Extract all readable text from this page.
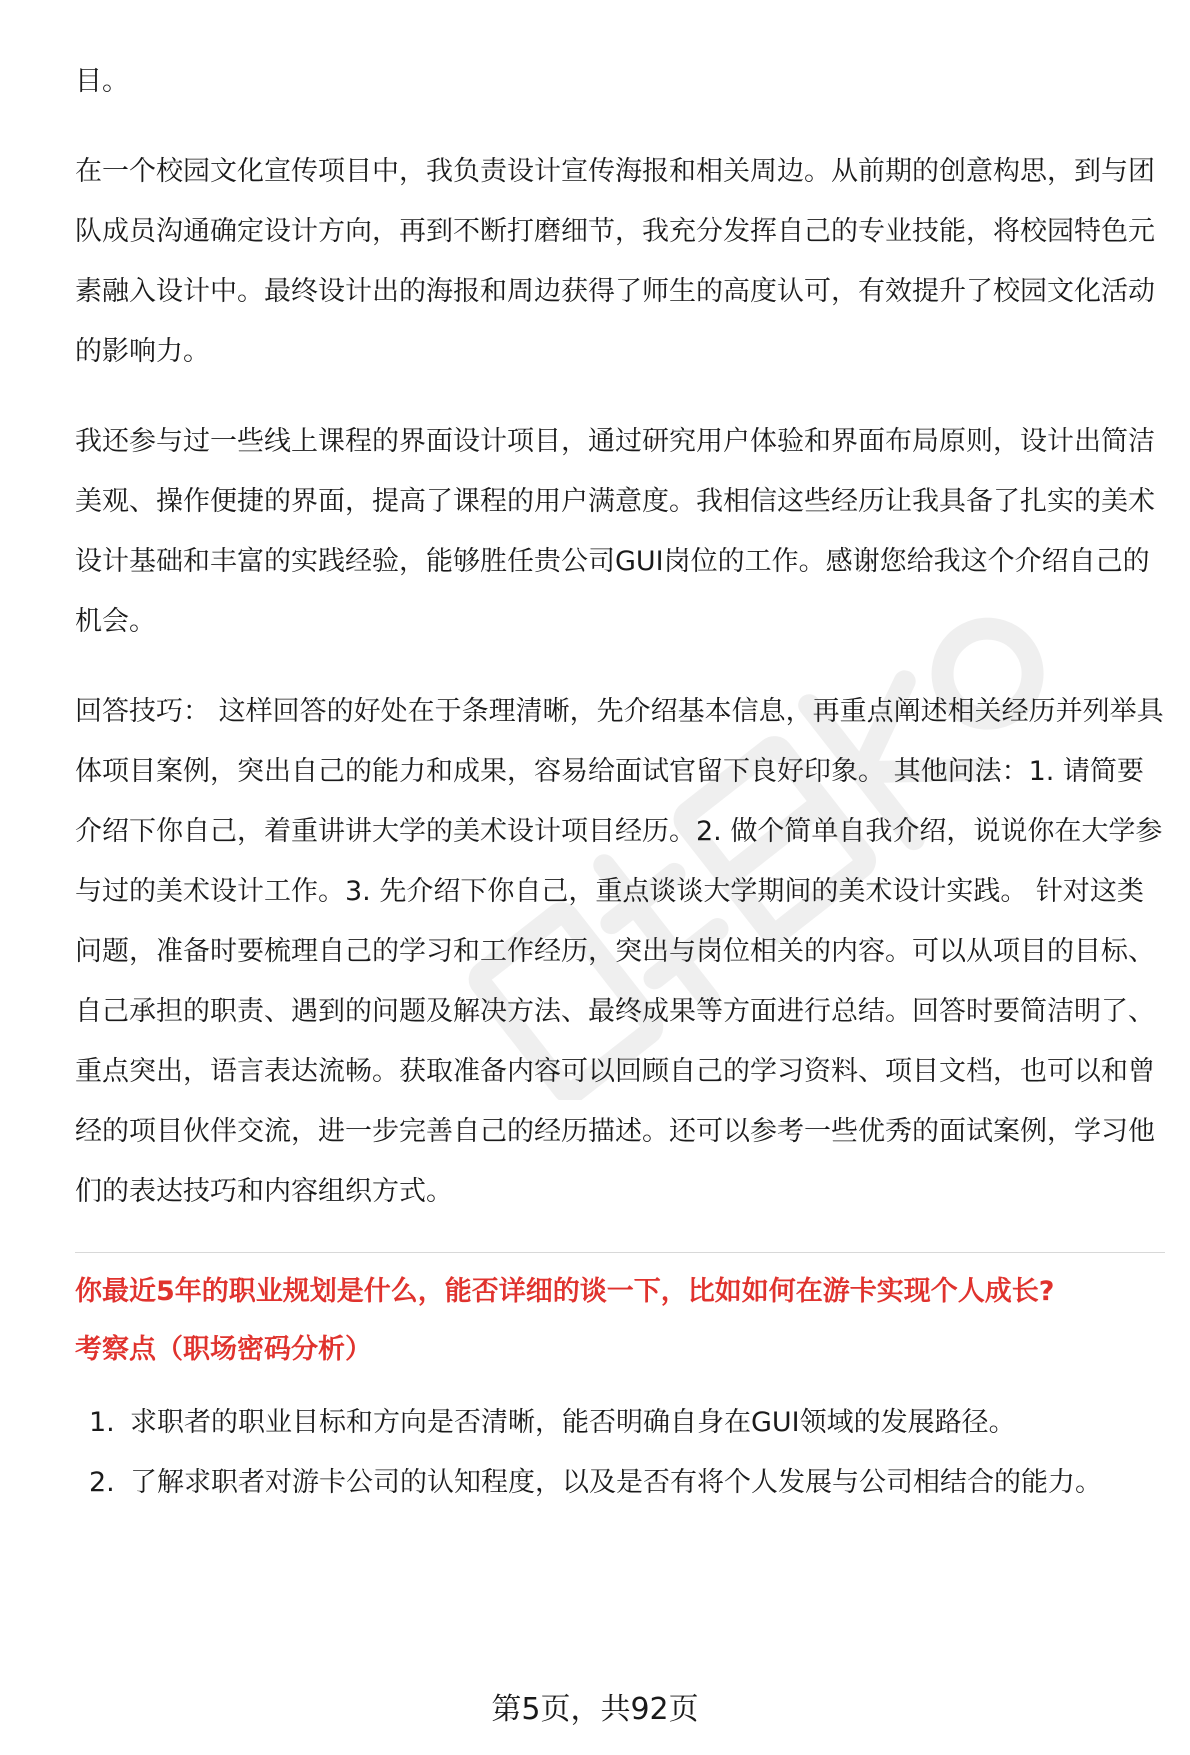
目。

在一个校园文化宣传项目中，我负责设计宣传海报和相关周边。从前期的创意构思，到与团队成员沟通确定设计方向，再到不断打磨细节，我充分发挥自己的专业技能，将校园特色元素融入设计中。最终设计出的海报和周边获得了师生的高度认可，有效提升了校园文化活动的影响力。

我还参与过一些线上课程的界面设计项目，通过研究用户体验和界面布局原则，设计出简洁美观、操作便捷的界面，提高了课程的用户满意度。我相信这些经历让我具备了扎实的美术设计基础和丰富的实践经验，能够胜任贵公司GUI岗位的工作。感谢您给我这个介绍自己的机会。

回答技巧： 这样回答的好处在于条理清晰，先介绍基本信息，再重点阐述相关经历并列举具体项目案例，突出自己的能力和成果，容易给面试官留下良好印象。 其他问法：1. 请简要介绍下你自己，着重讲讲大学的美术设计项目经历。2. 做个简单自我介绍，说说你在大学参与过的美术设计工作。3. 先介绍下你自己，重点谈谈大学期间的美术设计实践。 针对这类问题，准备时要梳理自己的学习和工作经历，突出与岗位相关的内容。可以从项目的目标、自己承担的职责、遇到的问题及解决方法、最终成果等方面进行总结。回答时要简洁明了、重点突出，语言表达流畅。获取准备内容可以回顾自己的学习资料、项目文档，也可以和曾经的项目伙伴交流，进一步完善自己的经历描述。还可以参考一些优秀的面试案例，学习他们的表达技巧和内容组织方式。

你最近5年的职业规划是什么，能否详细的谈一下，比如如何在游卡实现个人成长?
考察点（职场密码分析）
1. 求职者的职业目标和方向是否清晰，能否明确自身在GUI领域的发展路径。
2. 了解求职者对游卡公司的认知程度，以及是否有将个人发展与公司相结合的能力。
第5页，共92页
